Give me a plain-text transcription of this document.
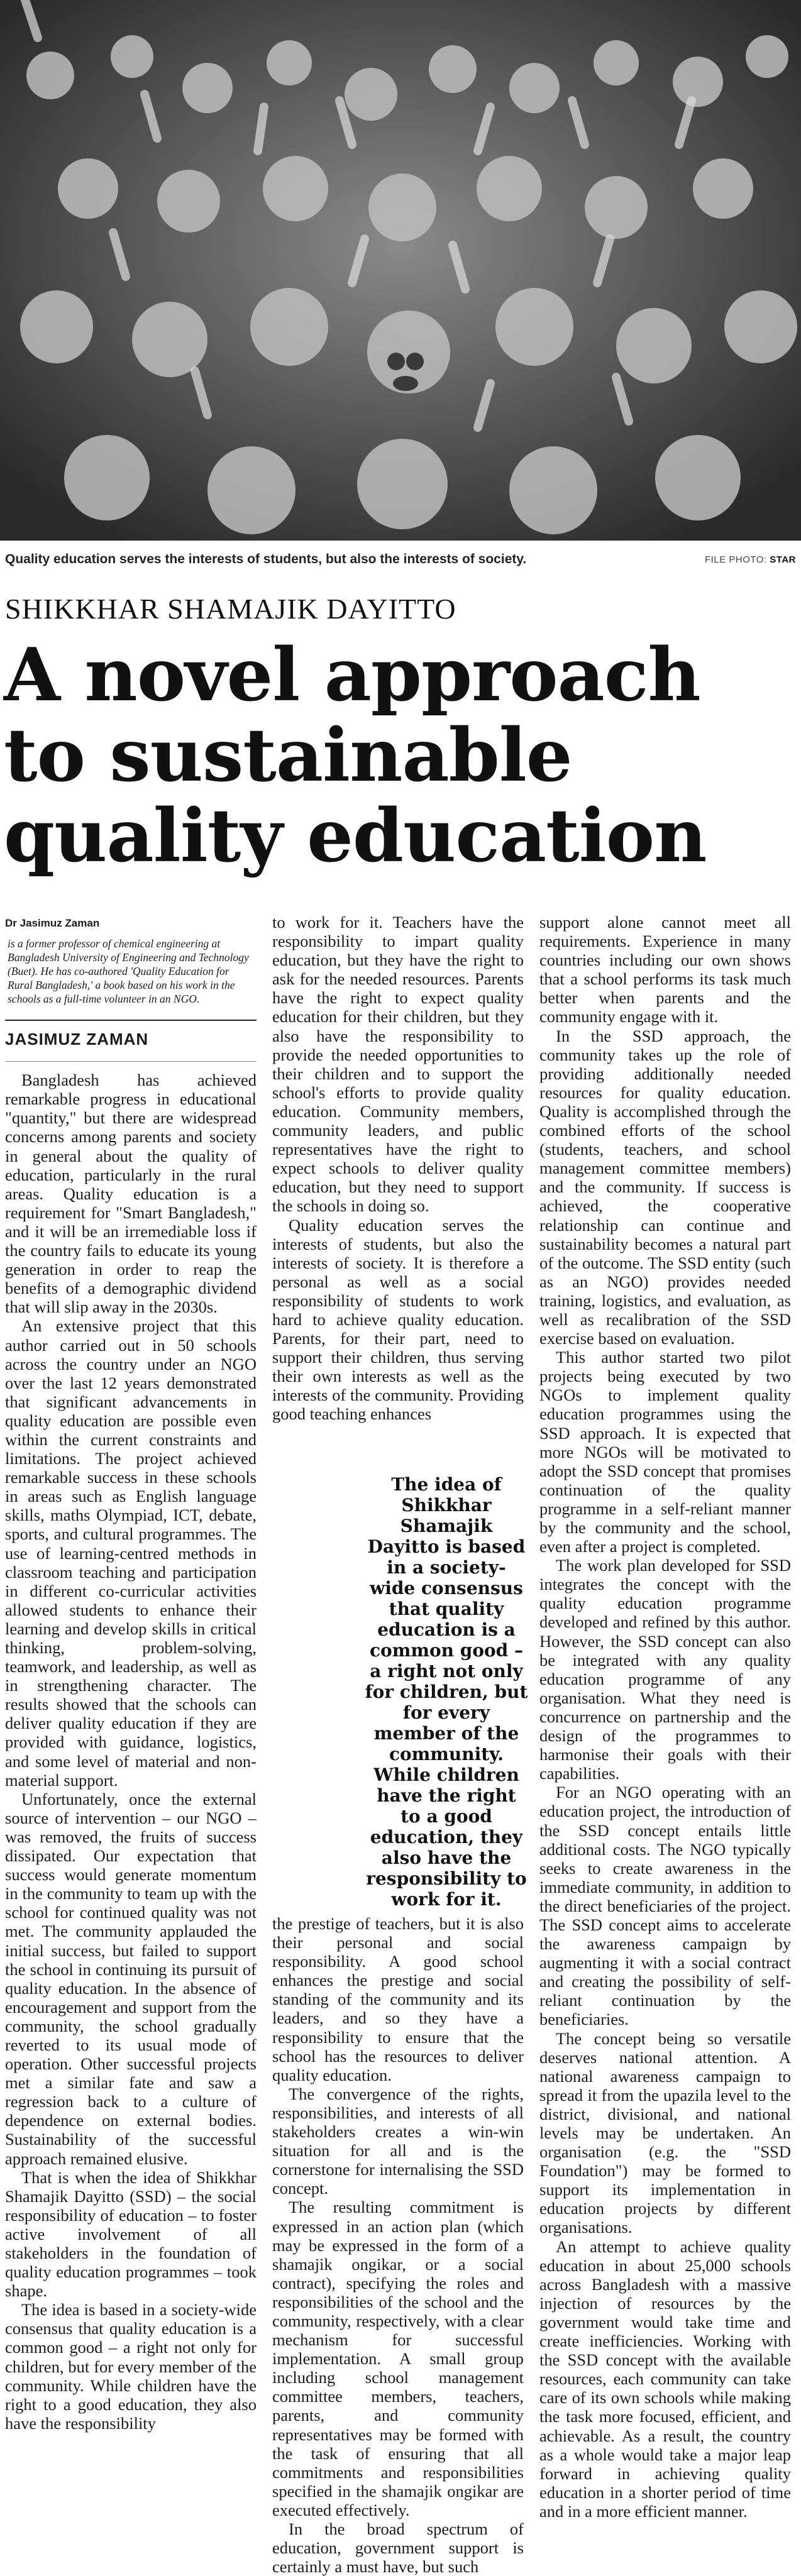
Quality education serves the interests of students, but also the interests of society.	FILE PHOTO: STAR
SHIKKHAR SHAMAJIK DAYITTO
A novel approach
to sustainable
quality education
Dr Jasimuz Zaman

is a former professor of chemical engineering at Bangladesh University of Engineering and Technology (Buet). He has co-authored 'Quality Education for Rural Bangladesh,' a book based on his work in the schools as a full-time volunteer in an NGO.

JASIMUZ ZAMAN

Bangladesh has achieved remarkable progress in educational "quantity," but there are widespread concerns among parents and society in general about the quality of education, particularly in the rural areas. Quality education is a requirement for "Smart Bangladesh," and it will be an irremediable loss if the country fails to educate its young generation in order to reap the benefits of a demographic dividend that will slip away in the 2030s.

An extensive project that this author carried out in 50 schools across the country under an NGO over the last 12 years demonstrated that significant advancements in quality education are possible even within the current constraints and limitations. The project achieved remarkable success in these schools in areas such as English language skills, maths Olympiad, ICT, debate, sports, and cultural programmes. The use of learning-centred methods in classroom teaching and participation in different co-curricular activities allowed students to enhance their learning and develop skills in critical thinking, problem-solving, teamwork, and leadership, as well as in strengthening character. The results showed that the schools can deliver quality education if they are provided with guidance, logistics, and some level of material and non-material support.

Unfortunately, once the external source of intervention – our NGO – was removed, the fruits of success dissipated. Our expectation that success would generate momentum in the community to team up with the school for continued quality was not met. The community applauded the initial success, but failed to support the school in continuing its pursuit of quality education. In the absence of encouragement and support from the community, the school gradually reverted to its usual mode of operation. Other successful projects met a similar fate and saw a regression back to a culture of dependence on external bodies. Sustainability of the successful approach remained elusive.

That is when the idea of Shikkhar Shamajik Dayitto (SSD) – the social responsibility of education – to foster active involvement of all stakeholders in the foundation of quality education programmes – took shape.

The idea is based in a society-wide consensus that quality education is a common good – a right not only for children, but for every member of the community. While children have the right to a good education, they also have the responsibility

to work for it. Teachers have the responsibility to impart quality education, but they have the right to ask for the needed resources. Parents have the right to expect quality education for their children, but they also have the responsibility to provide the needed opportunities to their children and to support the school's efforts to provide quality education. Community members, community leaders, and public representatives have the right to expect schools to deliver quality education, but they need to support the schools in doing so.

Quality education serves the interests of students, but also the interests of society. It is therefore a personal as well as a social responsibility of students to work hard to achieve quality education. Parents, for their part, need to support their children, thus serving their own interests as well as the interests of the community. Providing good teaching enhances

The idea of Shikkhar Shamajik Dayitto is based in a society-wide consensus that quality education is a common good – a right not only for children, but for every member of the community. While children have the right to a good education, they also have the responsibility to work for it.

the prestige of teachers, but it is also their personal and social responsibility. A good school enhances the prestige and social standing of the community and its leaders, and so they have a responsibility to ensure that the school has the resources to deliver quality education.

The convergence of the rights, responsibilities, and interests of all stakeholders creates a win-win situation for all and is the cornerstone for internalising the SSD concept.

The resulting commitment is expressed in an action plan (which may be expressed in the form of a shamajik ongikar, or a social contract), specifying the roles and responsibilities of the school and the community, respectively, with a clear mechanism for successful implementation. A small group including school management committee members, teachers, parents, and community representatives may be formed with the task of ensuring that all commitments and responsibilities specified in the shamajik ongikar are executed effectively.

In the broad spectrum of education, government support is certainly a must have, but such

support alone cannot meet all requirements. Experience in many countries including our own shows that a school performs its task much better when parents and the community engage with it.

In the SSD approach, the community takes up the role of providing additionally needed resources for quality education. Quality is accomplished through the combined efforts of the school (students, teachers, and school management committee members) and the community. If success is achieved, the cooperative relationship can continue and sustainability becomes a natural part of the outcome. The SSD entity (such as an NGO) provides needed training, logistics, and evaluation, as well as recalibration of the SSD exercise based on evaluation.

This author started two pilot projects being executed by two NGOs to implement quality education programmes using the SSD approach. It is expected that more NGOs will be motivated to adopt the SSD concept that promises continuation of the quality programme in a self-reliant manner by the community and the school, even after a project is completed.

The work plan developed for SSD integrates the concept with the quality education programme developed and refined by this author. However, the SSD concept can also be integrated with any quality education programme of any organisation. What they need is concurrence on partnership and the design of the programmes to harmonise their goals with their capabilities.

For an NGO operating with an education project, the introduction of the SSD concept entails little additional costs. The NGO typically seeks to create awareness in the immediate community, in addition to the direct beneficiaries of the project. The SSD concept aims to accelerate the awareness campaign by augmenting it with a social contract and creating the possibility of self-reliant continuation by the beneficiaries.

The concept being so versatile deserves national attention. A national awareness campaign to spread it from the upazila level to the district, divisional, and national levels may be undertaken. An organisation (e.g. the "SSD Foundation") may be formed to support its implementation in education projects by different organisations.

An attempt to achieve quality education in about 25,000 schools across Bangladesh with a massive injection of resources by the government would take time and create inefficiencies. Working with the SSD concept with the available resources, each community can take care of its own schools while making the task more focused, efficient, and achievable. As a result, the country as a whole would take a major leap forward in achieving quality education in a shorter period of time and in a more efficient manner.
